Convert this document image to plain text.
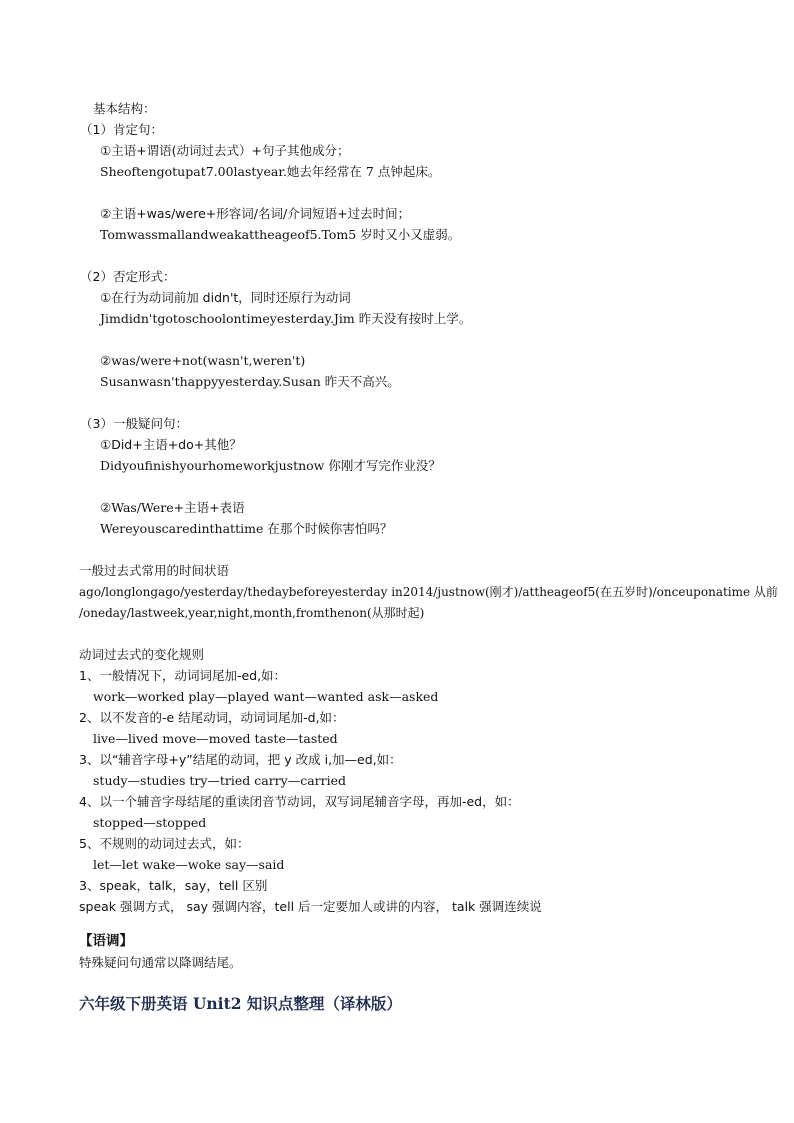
基本结构：
（1）肯定句：
①主语+谓语(动词过去式）+句子其他成分；
Sheoftengotupat7.00lastyear.她去年经常在 7 点钟起床。
②主语+was/were+形容词/名词/介词短语+过去时间；
Tomwassmallandweakattheageof5.Tom5 岁时又小又虚弱。
（2）否定形式：
①在行为动词前加 didn't，同时还原行为动词
Jimdidn'tgotoschoolontimeyesterday.Jim 昨天没有按时上学。
②was/were+not(wasn't,weren't)
Susanwasn'thappyyesterday.Susan 昨天不高兴。
（3）一般疑问句：
①Did+主语+do+其他？
Didyoufinishyourhomeworkjustnow 你刚才写完作业没？
②Was/Were+主语+表语
Wereyouscaredinthattime 在那个时候你害怕吗？
一般过去式常用的时间状语
ago/longlongago/yesterday/thedaybeforeyesterday in2014/justnow(刚才)/attheageof5(在五岁时)/onceuponatime 从前
/oneday/lastweek,year,night,month,fromthenon(从那时起)
动词过去式的变化规则
1、一般情况下，动词词尾加-ed,如：
work—worked play—played want—wanted ask—asked
2、以不发音的-e 结尾动词，动词词尾加-d,如：
live—lived move—moved taste—tasted
3、以“辅音字母+y”结尾的动词，把 y 改成 i,加—ed,如：
study—studies try—tried carry—carried
4、以一个辅音字母结尾的重读闭音节动词，双写词尾辅音字母，再加-ed，如：
stopped—stopped
5、不规则的动词过去式，如：
let—let wake—woke say—said
3、speak，talk，say，tell 区别
speak 强调方式， say 强调内容，tell 后一定要加人或讲的内容， talk 强调连续说
【语调】
特殊疑问句通常以降调结尾。
六年级下册英语 Unit2 知识点整理（译林版）
